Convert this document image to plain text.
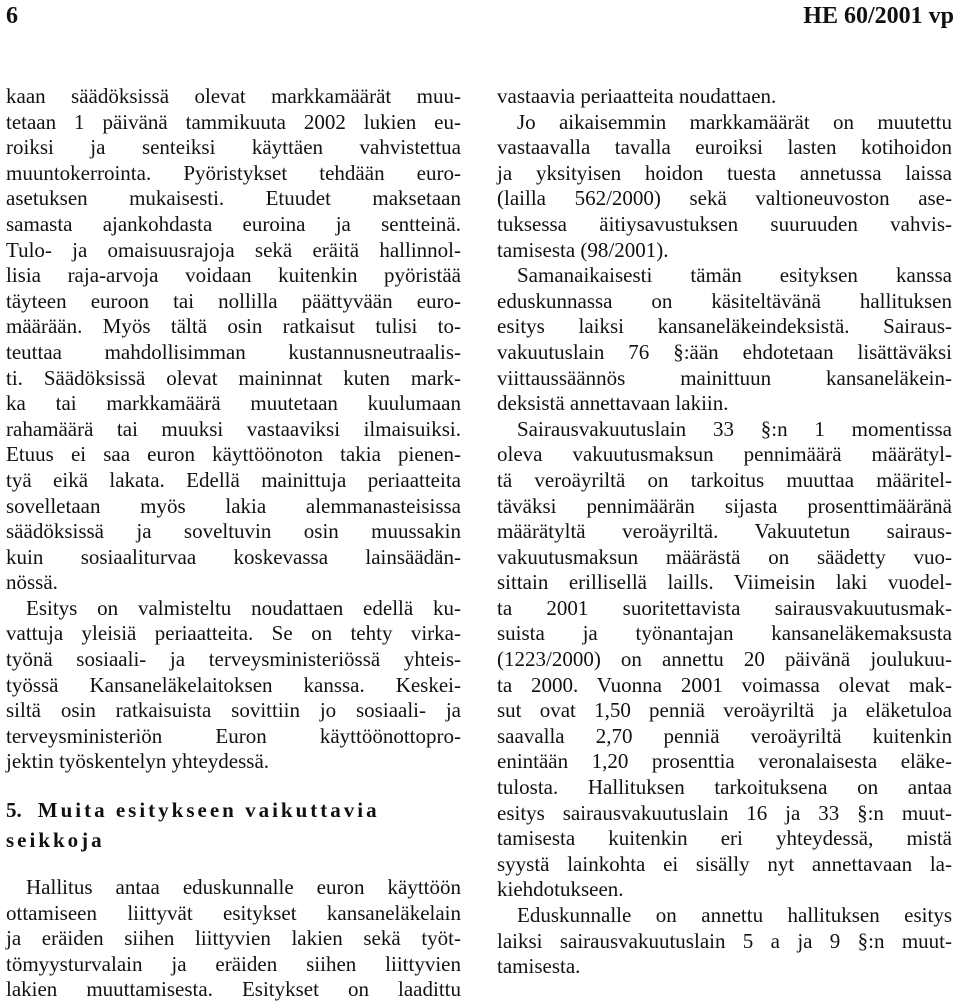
6	HE 60/2001 vp
kaan säädöksissä olevat markkamäärät muu-
tetaan 1 päivänä tammikuuta 2002 lukien eu-
roiksi ja senteiksi käyttäen vahvistettua
muuntokerrointa. Pyöristykset tehdään euro-
asetuksen mukaisesti. Etuudet maksetaan
samasta ajankohdasta euroina ja sentteinä.
Tulo- ja omaisuusrajoja sekä eräitä hallinnol-
lisia raja-arvoja voidaan kuitenkin pyöristää
täyteen euroon tai nollilla päättyvään euro-
määrään. Myös tältä osin ratkaisut tulisi to-
teuttaa mahdollisimman kustannusneutraalis-
ti. Säädöksissä olevat maininnat kuten mark-
ka tai markkamäärä muutetaan kuulumaan
rahamäärä tai muuksi vastaaviksi ilmaisuiksi.
Etuus ei saa euron käyttöönoton takia pienen-
tyä eikä lakata. Edellä mainittuja periaatteita
sovelletaan myös lakia alemmanasteisissa
säädöksissä ja soveltuvin osin muussakin
kuin sosiaaliturvaa koskevassa lainsäädän-
nössä.
Esitys on valmisteltu noudattaen edellä ku-
vattuja yleisiä periaatteita. Se on tehty virka-
työnä sosiaali- ja terveysministeriössä yhteis-
työssä Kansaneläkelaitoksen kanssa. Keskei-
siltä osin ratkaisuista sovittiin jo sosiaali- ja
terveysministeriön Euron käyttöönottopro-
jektin työskentelyn yhteydessä.
5. Muita esitykseen vaikuttavia
seikkoja
Hallitus antaa eduskunnalle euron käyttöön
ottamiseen liittyvät esitykset kansaneläkelain
ja eräiden siihen liittyvien lakien sekä työt-
tömyysturvalain ja eräiden siihen liittyvien
lakien muuttamisesta. Esitykset on laadittu
vastaavia periaatteita noudattaen.
Jo aikaisemmin markkamäärät on muutettu
vastaavalla tavalla euroiksi lasten kotihoidon
ja yksityisen hoidon tuesta annetussa laissa
(lailla 562/2000) sekä valtioneuvoston ase-
tuksessa äitiysavustuksen suuruuden vahvis-
tamisesta (98/2001).
Samanaikaisesti tämän esityksen kanssa
eduskunnassa on käsiteltävänä hallituksen
esitys laiksi kansaneläkeindeksistä. Sairaus-
vakuutuslain 76 §:ään ehdotetaan lisättäväksi
viittaussäännös mainittuun kansaneläkein-
deksistä annettavaan lakiin.
Sairausvakuutuslain 33 §:n 1 momentissa
oleva vakuutusmaksun pennimäärä määrätyl-
tä veroäyriltä on tarkoitus muuttaa määritel-
täväksi pennimäärän sijasta prosenttimääränä
määrätyltä veroäyriltä. Vakuutetun sairaus-
vakuutusmaksun määrästä on säädetty vuo-
sittain erillisellä laills. Viimeisin laki vuodel-
ta 2001 suoritettavista sairausvakuutusmak-
suista ja työnantajan kansaneläkemaksusta
(1223/2000) on annettu 20 päivänä joulukuu-
ta 2000. Vuonna 2001 voimassa olevat mak-
sut ovat 1,50 penniä veroäyriltä ja eläketuloa
saavalla 2,70 penniä veroäyriltä kuitenkin
enintään 1,20 prosenttia veronalaisesta eläke-
tulosta. Hallituksen tarkoituksena on antaa
esitys sairausvakuutuslain 16 ja 33 §:n muut-
tamisesta kuitenkin eri yhteydessä, mistä
syystä lainkohta ei sisälly nyt annettavaan la-
kiehdotukseen.
Eduskunnalle on annettu hallituksen esitys
laiksi sairausvakuutuslain 5 a ja 9 §:n muut-
tamisesta.
